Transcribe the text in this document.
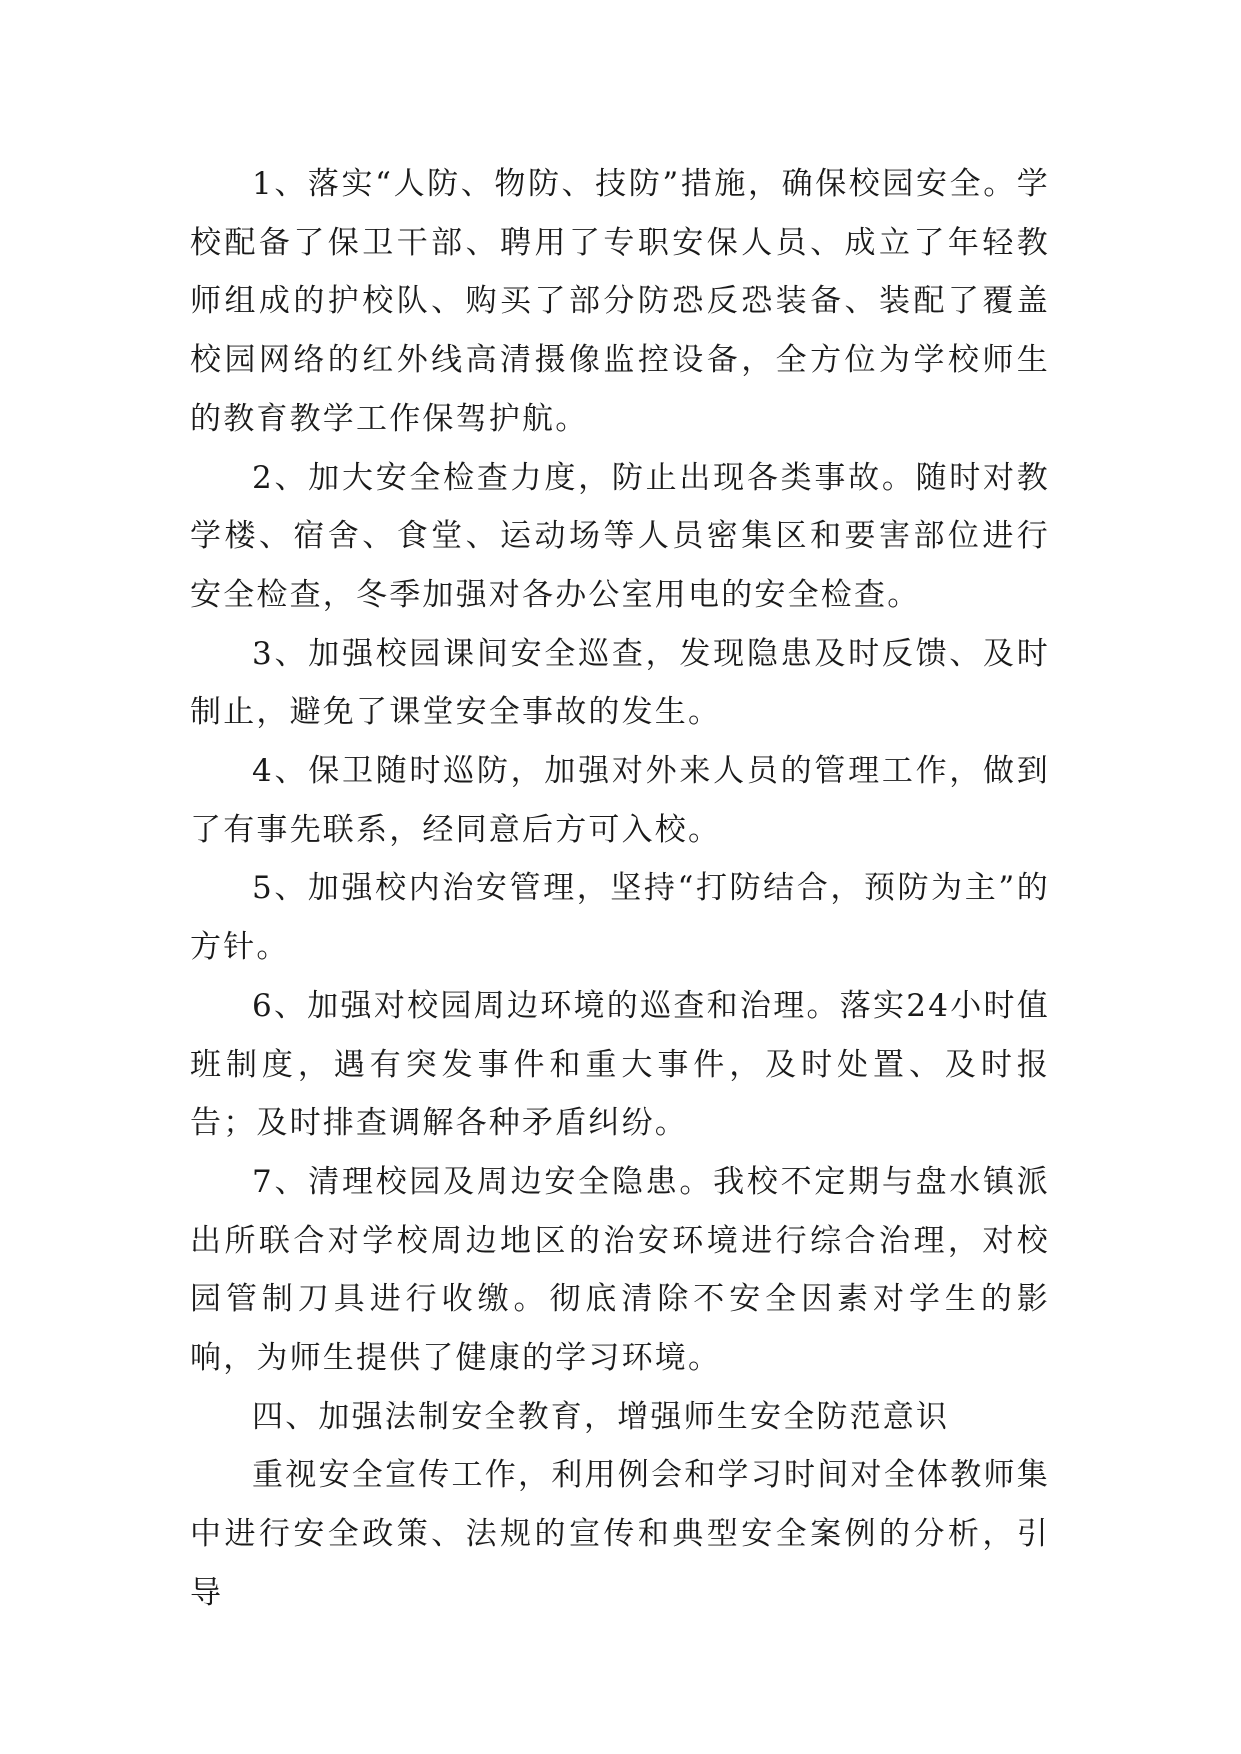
1、落实“人防、物防、技防”措施，确保校园安全。学校配备了保卫干部、聘用了专职安保人员、成立了年轻教师组成的护校队、购买了部分防恐反恐装备、装配了覆盖校园网络的红外线高清摄像监控设备，全方位为学校师生的教育教学工作保驾护航。

2、加大安全检查力度，防止出现各类事故。随时对教学楼、宿舍、食堂、运动场等人员密集区和要害部位进行安全检查，冬季加强对各办公室用电的安全检查。

3、加强校园课间安全巡查，发现隐患及时反馈、及时制止，避免了课堂安全事故的发生。

4、保卫随时巡防，加强对外来人员的管理工作，做到了有事先联系，经同意后方可入校。

5、加强校内治安管理，坚持“打防结合，预防为主”的方针。

6、加强对校园周边环境的巡查和治理。落实24小时值班制度，遇有突发事件和重大事件，及时处置、及时报告；及时排查调解各种矛盾纠纷。

7、清理校园及周边安全隐患。我校不定期与盘水镇派出所联合对学校周边地区的治安环境进行综合治理，对校园管制刀具进行收缴。彻底清除不安全因素对学生的影响，为师生提供了健康的学习环境。

四、加强法制安全教育，增强师生安全防范意识

重视安全宣传工作，利用例会和学习时间对全体教师集中进行安全政策、法规的宣传和典型安全案例的分析，引导
